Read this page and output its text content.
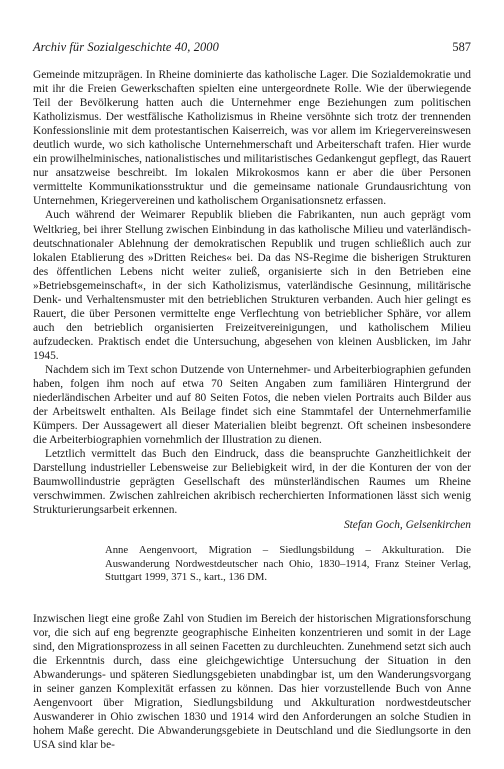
Archiv für Sozialgeschichte 40, 2000	587

Gemeinde mitzuprägen. In Rheine dominierte das katholische Lager. Die Sozialdemokratie und mit ihr die Freien Gewerkschaften spielten eine untergeordnete Rolle. Wie der überwiegende Teil der Bevölkerung hatten auch die Unternehmer enge Beziehungen zum politischen Katholizismus. Der westfälische Katholizismus in Rheine versöhnte sich trotz der trennenden Konfessionslinie mit dem protestantischen Kaiserreich, was vor allem im Kriegervereinswesen deutlich wurde, wo sich katholische Unternehmerschaft und Arbeiterschaft trafen. Hier wurde ein prowilhelminisches, nationalistisches und militaristisches Gedankengut gepflegt, das Rauert nur ansatzweise beschreibt. Im lokalen Mikrokosmos kann er aber die über Personen vermittelte Kommunikationsstruktur und die gemeinsame nationale Grundausrichtung von Unternehmen, Kriegervereinen und katholischem Organisationsnetz erfassen.

Auch während der Weimarer Republik blieben die Fabrikanten, nun auch geprägt vom Weltkrieg, bei ihrer Stellung zwischen Einbindung in das katholische Milieu und vaterländisch-deutschnationaler Ablehnung der demokratischen Republik und trugen schließlich auch zur lokalen Etablierung des »Dritten Reiches« bei. Da das NS-Regime die bisherigen Strukturen des öffentlichen Lebens nicht weiter zuließ, organisierte sich in den Betrieben eine »Betriebsgemeinschaft«, in der sich Katholizismus, vaterländische Gesinnung, militärische Denk- und Verhaltensmuster mit den betrieblichen Strukturen verbanden. Auch hier gelingt es Rauert, die über Personen vermittelte enge Verflechtung von betrieblicher Sphäre, vor allem auch den betrieblich organisierten Freizeitvereinigungen, und katholischem Milieu aufzudecken. Praktisch endet die Untersuchung, abgesehen von kleinen Ausblicken, im Jahr 1945.

Nachdem sich im Text schon Dutzende von Unternehmer- und Arbeiterbiographien gefunden haben, folgen ihm noch auf etwa 70 Seiten Angaben zum familiären Hintergrund der niederländischen Arbeiter und auf 80 Seiten Fotos, die neben vielen Portraits auch Bilder aus der Arbeitswelt enthalten. Als Beilage findet sich eine Stammtafel der Unternehmerfamilie Kümpers. Der Aussagewert all dieser Materialien bleibt begrenzt. Oft scheinen insbesondere die Arbeiterbiographien vornehmlich der Illustration zu dienen.

Letztlich vermittelt das Buch den Eindruck, dass die beanspruchte Ganzheitlichkeit der Darstellung industrieller Lebensweise zur Beliebigkeit wird, in der die Konturen der von der Baumwollindustrie geprägten Gesellschaft des münsterländischen Raumes um Rheine verschwimmen. Zwischen zahlreichen akribisch recherchierten Informationen lässt sich wenig Strukturierungsarbeit erkennen.

Stefan Goch, Gelsenkirchen
Anne Aengenvoort, Migration – Siedlungsbildung – Akkulturation. Die Auswanderung Nordwestdeutscher nach Ohio, 1830–1914, Franz Steiner Verlag, Stuttgart 1999, 371 S., kart., 136 DM.

Inzwischen liegt eine große Zahl von Studien im Bereich der historischen Migrationsforschung vor, die sich auf eng begrenzte geographische Einheiten konzentrieren und somit in der Lage sind, den Migrationsprozess in all seinen Facetten zu durchleuchten. Zunehmend setzt sich auch die Erkenntnis durch, dass eine gleichgewichtige Untersuchung der Situation in den Abwanderungs- und späteren Siedlungsgebieten unabdingbar ist, um den Wanderungsvorgang in seiner ganzen Komplexität erfassen zu können. Das hier vorzustellende Buch von Anne Aengenvoort über Migration, Siedlungsbildung und Akkulturation nordwestdeutscher Auswanderer in Ohio zwischen 1830 und 1914 wird den Anforderungen an solche Studien in hohem Maße gerecht. Die Abwanderungsgebiete in Deutschland und die Siedlungsorte in den USA sind klar be-
